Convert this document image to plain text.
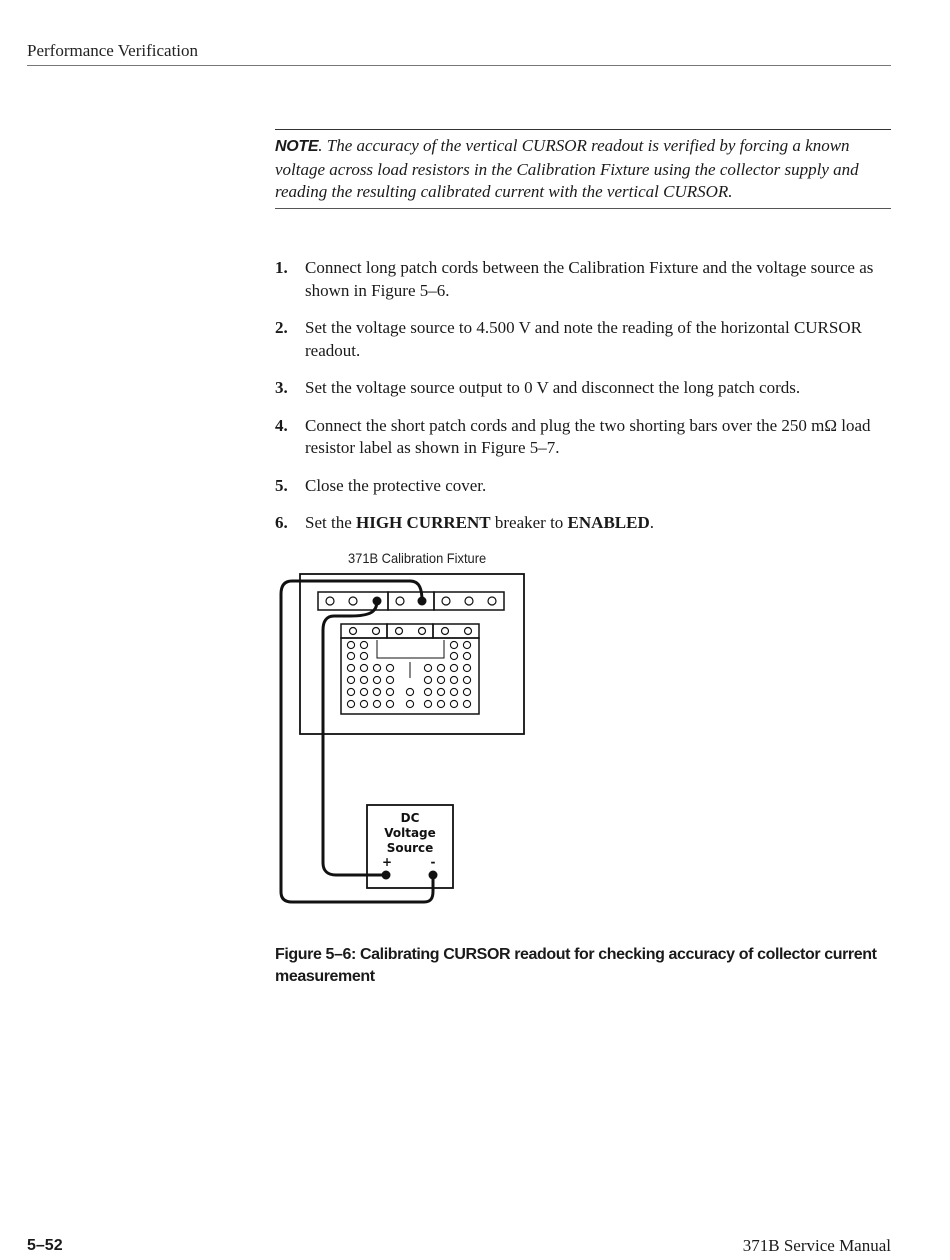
Performance Verification
NOTE. The accuracy of the vertical CURSOR readout is verified by forcing a known voltage across load resistors in the Calibration Fixture using the collector supply and reading the resulting calibrated current with the vertical CURSOR.
1.	Connect long patch cords between the Calibration Fixture and the voltage source as shown in Figure 5–6.
2.	Set the voltage source to 4.500 V and note the reading of the horizontal CURSOR readout.
3.	Set the voltage source output to 0 V and disconnect the long patch cords.
4.	Connect the short patch cords and plug the two shorting bars over the 250 mΩ load resistor label as shown in Figure 5–7.
5.	Close the protective cover.
6.	Set the HIGH CURRENT breaker to ENABLED.
371B Calibration Fixture
DC
Voltage
Source
+	-
Figure 5–6: Calibrating CURSOR readout for checking accuracy of collector current measurement
5–52	371B Service Manual
